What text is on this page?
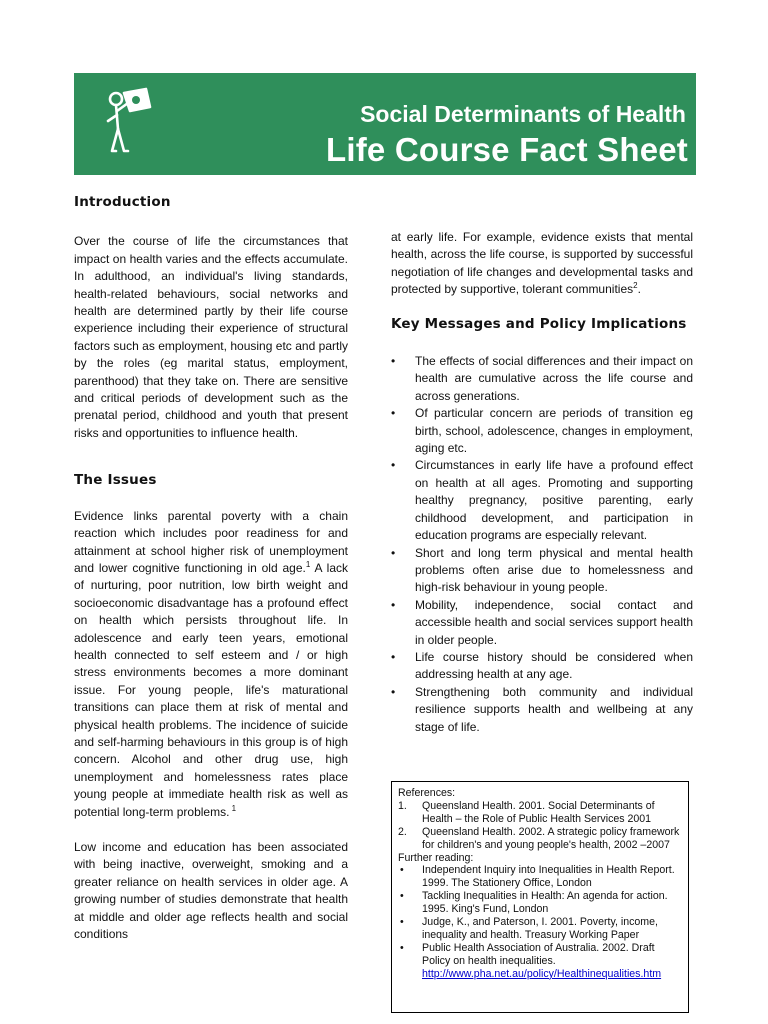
Social Determinants of Health
Life Course Fact Sheet
Introduction

Over the course of life the circumstances that impact on health varies and the effects accumulate. In adulthood, an individual's living standards, health-related behaviours, social networks and health are determined partly by their life course experience including their experience of structural factors such as employment, housing etc and partly by the roles (eg marital status, employment, parenthood) that they take on. There are sensitive and critical periods of development such as the prenatal period, childhood and youth that present risks and opportunities to influence health.

The Issues

Evidence links parental poverty with a chain reaction which includes poor readiness for and attainment at school higher risk of unemployment and lower cognitive functioning in old age.$^1$ A lack of nurturing, poor nutrition, low birth weight and socioeconomic disadvantage has a profound effect on health which persists throughout life. In adolescence and early teen years, emotional health connected to self esteem and / or high stress environments becomes a more dominant issue. For young people, life's maturational transitions can place them at risk of mental and physical health problems. The incidence of suicide and self-harming behaviours in this group is of high concern. Alcohol and other drug use, high unemployment and homelessness rates place young people at immediate health risk as well as potential long-term problems. $^1$

Low income and education has been associated with being inactive, overweight, smoking and a greater reliance on health services in older age. A growing number of studies demonstrate that health at middle and older age reflects health and social conditions

at early life. For example, evidence exists that mental health, across the life course, is supported by successful negotiation of life changes and developmental tasks and protected by supportive, tolerant communities$^2$.

Key Messages and Policy Implications
• The effects of social differences and their impact on health are cumulative across the life course and across generations.
• Of particular concern are periods of transition eg birth, school, adolescence, changes in employment, aging etc.
• Circumstances in early life have a profound effect on health at all ages. Promoting and supporting healthy pregnancy, positive parenting, early childhood development, and participation in education programs are especially relevant.
• Short and long term physical and mental health problems often arise due to homelessness and high-risk behaviour in young people.
• Mobility, independence, social contact and accessible health and social services support health in older people.
• Life course history should be considered when addressing health at any age.
• Strengthening both community and individual resilience supports health and wellbeing at any stage of life.
References:
1. Queensland Health. 2001. Social Determinants of Health – the Role of Public Health Services 2001
2. Queensland Health. 2002. A strategic policy framework for children's and young people's health, 2002 –2007
Further reading:
• Independent Inquiry into Inequalities in Health Report. 1999. The Stationery Office, London
• Tackling Inequalities in Health: An agenda for action. 1995. King's Fund, London
• Judge, K., and Paterson, I. 2001. Poverty, income, inequality and health. Treasury Working Paper
• Public Health Association of Australia. 2002. Draft Policy on health inequalities.
http://www.pha.net.au/policy/Healthinequalities.htm
